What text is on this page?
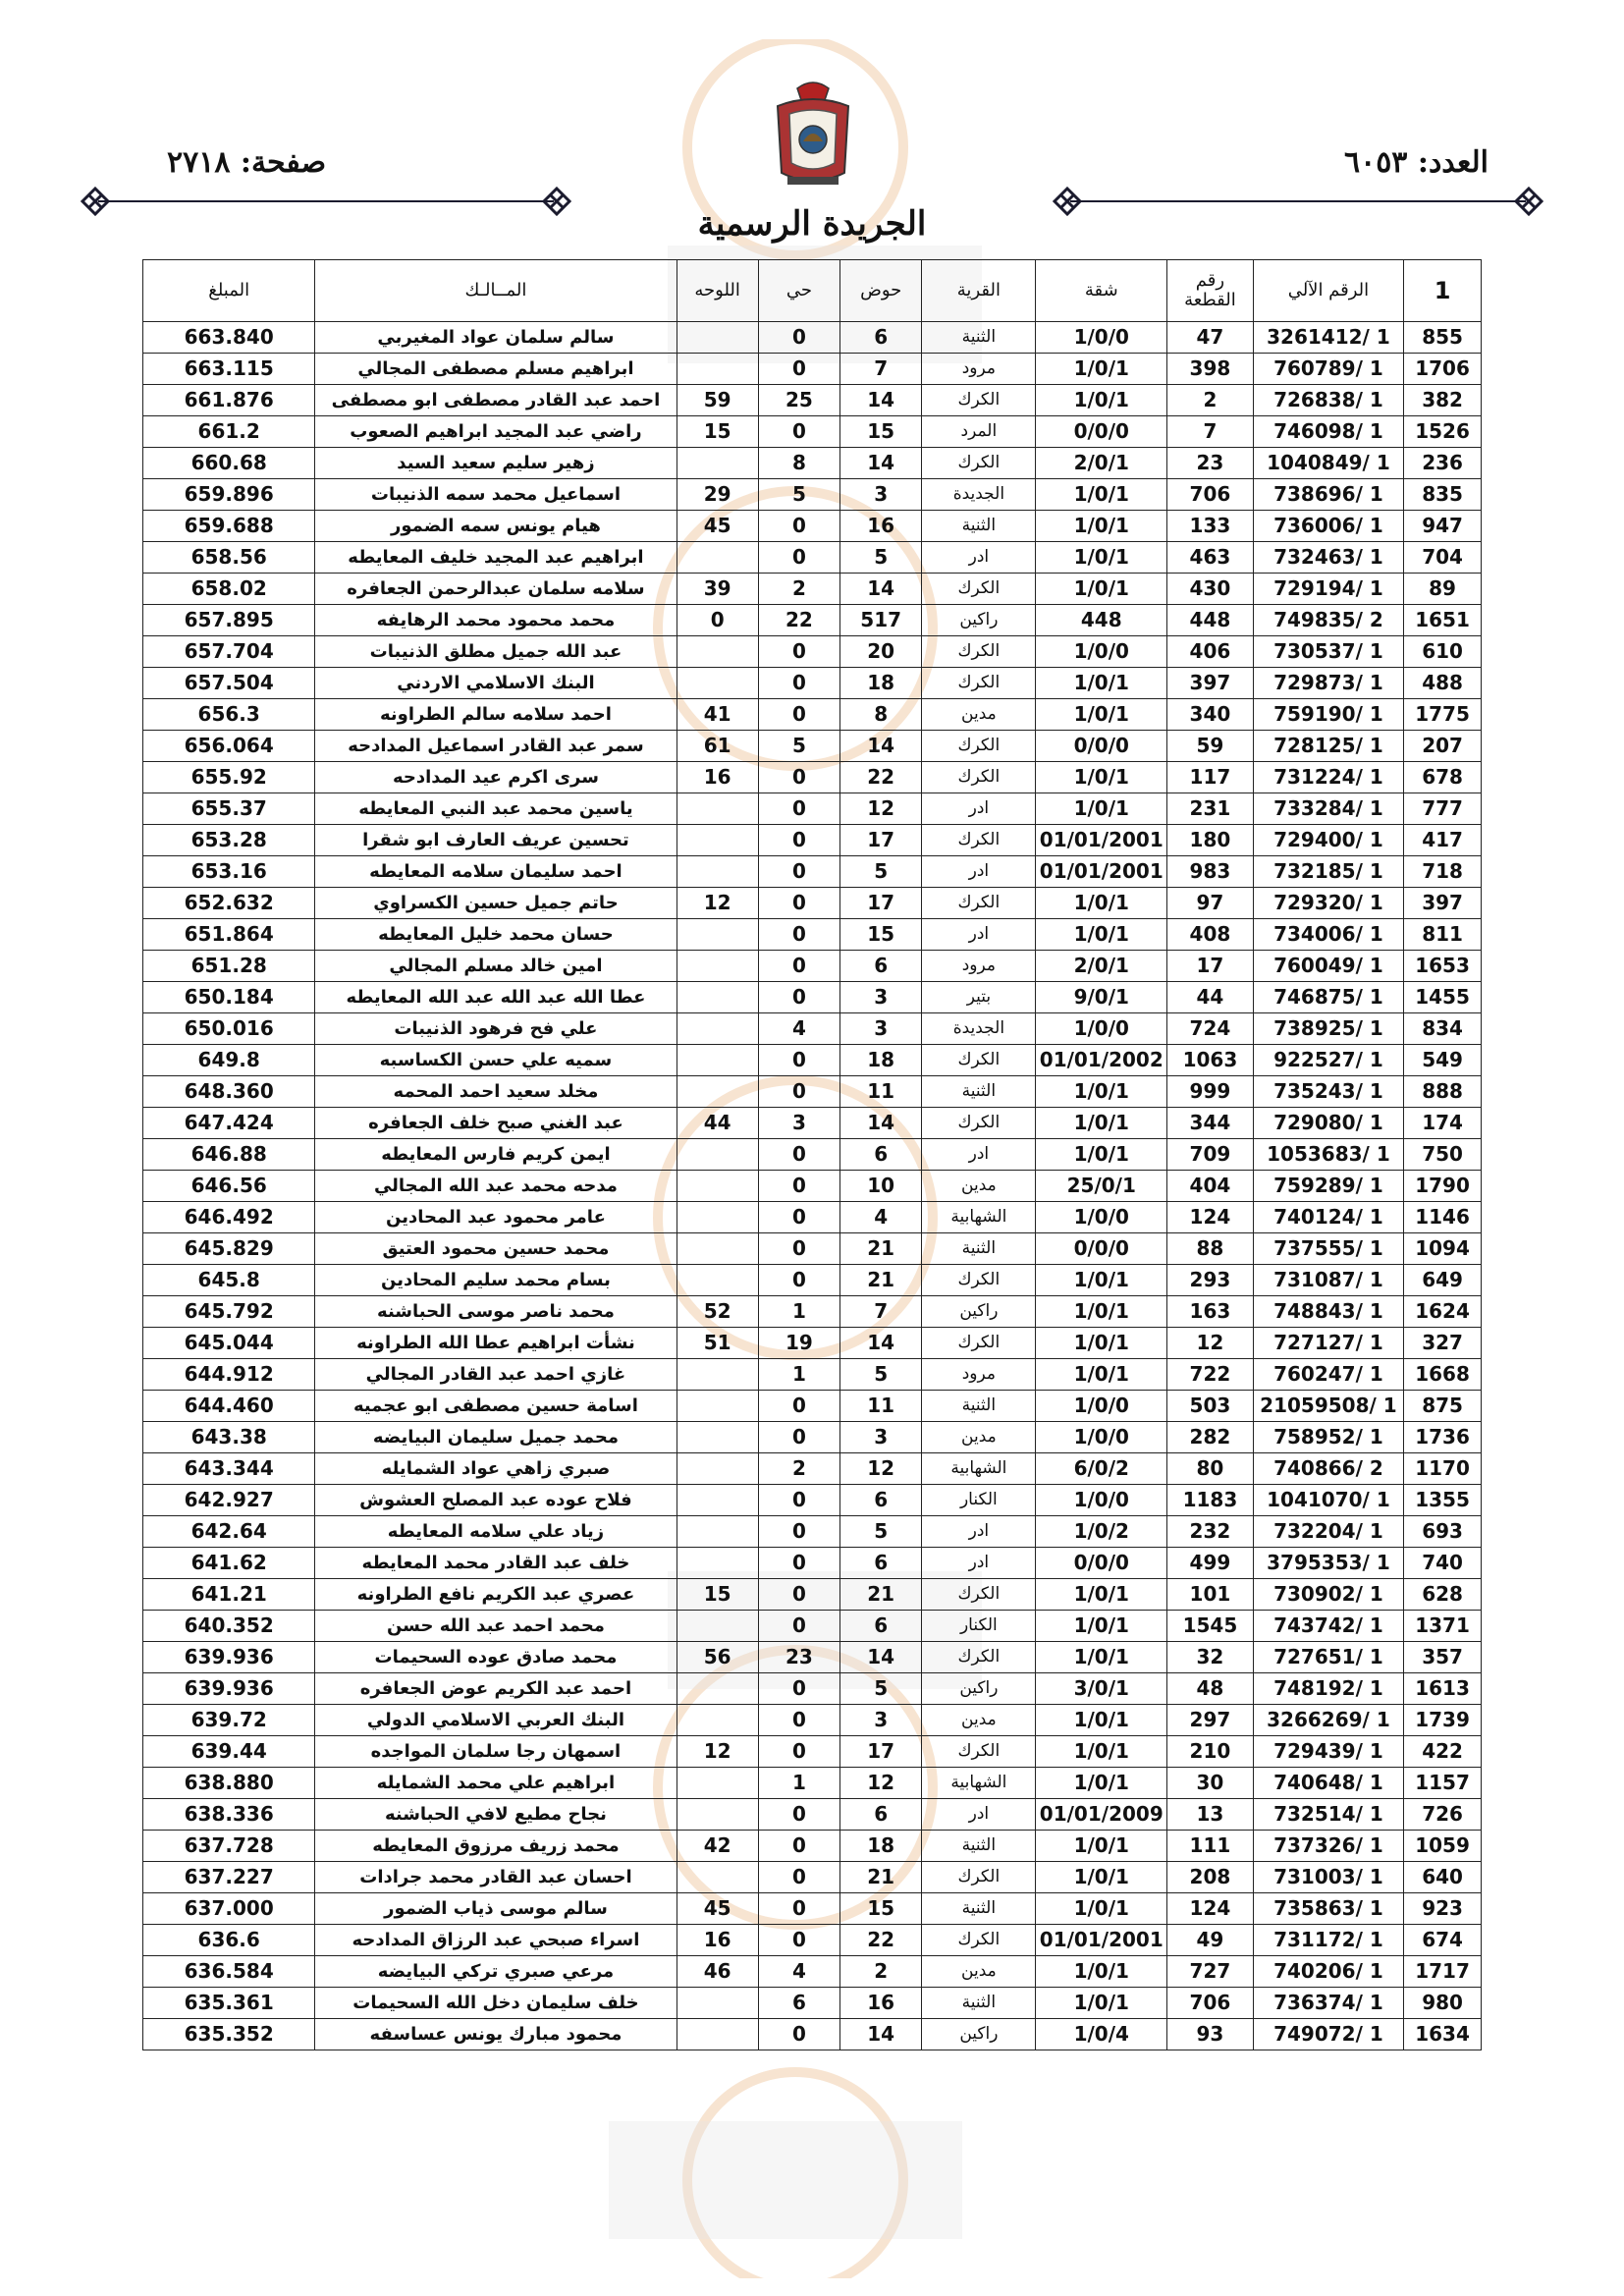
العدد: ٦٠٥٣
صفحة: ٢٧١٨
الجريدة الرسمية
1	الرقم الآلي	رقم القطعة	شقة	القرية	حوض	حي	اللوحه	المــالـك	المبلغ
855	1 /3261412	47	1/0/0	الثنية	6	0		سالم سلمان عواد المغيربي	663.840
1706	1 /760789	398	1/0/1	مرود	7	0		ابراهيم مسلم مصطفى المجالي	663.115
382	1 /726838	2	1/0/1	الكرك	14	25	59	احمد عبد القادر مصطفى ابو مصطفى	661.876
1526	1 /746098	7	0/0/0	المرد	15	0	15	راضي عبد المجيد ابراهيم الصعوب	661.2
236	1 /1040849	23	2/0/1	الكرك	14	8		زهير سليم سعيد السيد	660.68
835	1 /738696	706	1/0/1	الجديدة	3	5	29	اسماعيل محمد سمه الذنيبات	659.896
947	1 /736006	133	1/0/1	الثنية	16	0	45	هيام يونس سمه الضمور	659.688
704	1 /732463	463	1/0/1	ادر	5	0		ابراهيم عبد المجيد خليف المعايطه	658.56
89	1 /729194	430	1/0/1	الكرك	14	2	39	سلامه سلمان عبدالرحمن الجعافره	658.02
1651	2 /749835	448	448	راكين	517	22	0	محمد محمود محمد الرهايفه	657.895
610	1 /730537	406	1/0/0	الكرك	20	0		عبد الله جميل مطلق الذنيبات	657.704
488	1 /729873	397	1/0/1	الكرك	18	0		البنك الاسلامي الاردني	657.504
1775	1 /759190	340	1/0/1	مدين	8	0	41	احمد سلامه سالم الطراونه	656.3
207	1 /728125	59	0/0/0	الكرك	14	5	61	سمر عبد القادر اسماعيل المدادحه	656.064
678	1 /731224	117	1/0/1	الكرك	22	0	16	سرى اكرم عيد المدادحه	655.92
777	1 /733284	231	1/0/1	ادر	12	0		ياسين محمد عبد النبي المعايطه	655.37
417	1 /729400	180	01/01/2001	الكرك	17	0		تحسين عريف العارف ابو شقرا	653.28
718	1 /732185	983	01/01/2001	ادر	5	0		احمد سليمان سلامه المعايطه	653.16
397	1 /729320	97	1/0/1	الكرك	17	0	12	حاتم جميل حسين الكسراوي	652.632
811	1 /734006	408	1/0/1	ادر	15	0		حسان محمد خليل المعايطه	651.864
1653	1 /760049	17	2/0/1	مرود	6	0		امين خالد مسلم المجالي	651.28
1455	1 /746875	44	9/0/1	بتير	3	0		عطا الله عبد الله عبد الله المعايطه	650.184
834	1 /738925	724	1/0/0	الجديدة	3	4		علي فح فرهود الذنيبات	650.016
549	1 /922527	1063	01/01/2002	الكرك	18	0		سميه علي حسن الكساسبه	649.8
888	1 /735243	999	1/0/1	الثنية	11	0		مخلد سعيد احمد المحمه	648.360
174	1 /729080	344	1/0/1	الكرك	14	3	44	عبد الغني صبح خلف الجعافره	647.424
750	1 /1053683	709	1/0/1	ادر	6	0		ايمن كريم فارس المعايطه	646.88
1790	1 /759289	404	25/0/1	مدين	10	0		مدحه محمد عبد الله المجالي	646.56
1146	1 /740124	124	1/0/0	الشهابية	4	0		عامر محمود عبد المحادين	646.492
1094	1 /737555	88	0/0/0	الثنية	21	0		محمد حسين محمود العتيق	645.829
649	1 /731087	293	1/0/1	الكرك	21	0		بسام محمد سليم المحادين	645.8
1624	1 /748843	163	1/0/1	راكين	7	1	52	محمد ناصر موسى الحباشنه	645.792
327	1 /727127	12	1/0/1	الكرك	14	19	51	نشأت ابراهيم عطا الله الطراونه	645.044
1668	1 /760247	722	1/0/1	مرود	5	1		غازي احمد عبد القادر المجالي	644.912
875	1 /21059508	503	1/0/0	الثنية	11	0		اسامة حسين مصطفى ابو عجميه	644.460
1736	1 /758952	282	1/0/0	مدين	3	0		محمد جميل سليمان البيايضه	643.38
1170	2 /740866	80	6/0/2	الشهابية	12	2		صبري زاهي عواد الشمايله	643.344
1355	1 /1041070	1183	1/0/0	الكنار	6	0		فلاح عوده عبد المصلح العشوش	642.927
693	1 /732204	232	1/0/2	ادر	5	0		زياد علي سلامه المعايطه	642.64
740	1 /3795353	499	0/0/0	ادر	6	0		خلف عبد القادر محمد المعايطه	641.62
628	1 /730902	101	1/0/1	الكرك	21	0	15	عصري عبد الكريم نافع الطراونه	641.21
1371	1 /743742	1545	1/0/1	الكنار	6	0		محمد احمد عبد الله حسن	640.352
357	1 /727651	32	1/0/1	الكرك	14	23	56	محمد صادق عوده السحيمات	639.936
1613	1 /748192	48	3/0/1	راكين	5	0		احمد عبد الكريم عوض الجعافره	639.936
1739	1 /3266269	297	1/0/1	مدين	3	0		البنك العربي الاسلامي الدولي	639.72
422	1 /729439	210	1/0/1	الكرك	17	0	12	اسمهان رجا سلمان المواجده	639.44
1157	1 /740648	30	1/0/1	الشهابية	12	1		ابراهيم علي محمد الشمايله	638.880
726	1 /732514	13	01/01/2009	ادر	6	0		نجاح مطيع لافي الحباشنه	638.336
1059	1 /737326	111	1/0/1	الثنية	18	0	42	محمد زريف مرزوق المعايطه	637.728
640	1 /731003	208	1/0/1	الكرك	21	0		احسان عبد القادر محمد جرادات	637.227
923	1 /735863	124	1/0/1	الثنية	15	0	45	سالم موسى ذياب الضمور	637.000
674	1 /731172	49	01/01/2001	الكرك	22	0	16	اسراء صبحي عبد الرزاق المدادحه	636.6
1717	1 /740206	727	1/0/1	مدين	2	4	46	مرعي صبري تركي البيايضه	636.584
980	1 /736374	706	1/0/1	الثنية	16	6		خلف سليمان دخل الله السحيمات	635.361
1634	1 /749072	93	1/0/4	راكين	14	0		محمود مبارك يونس عساسفه	635.352
